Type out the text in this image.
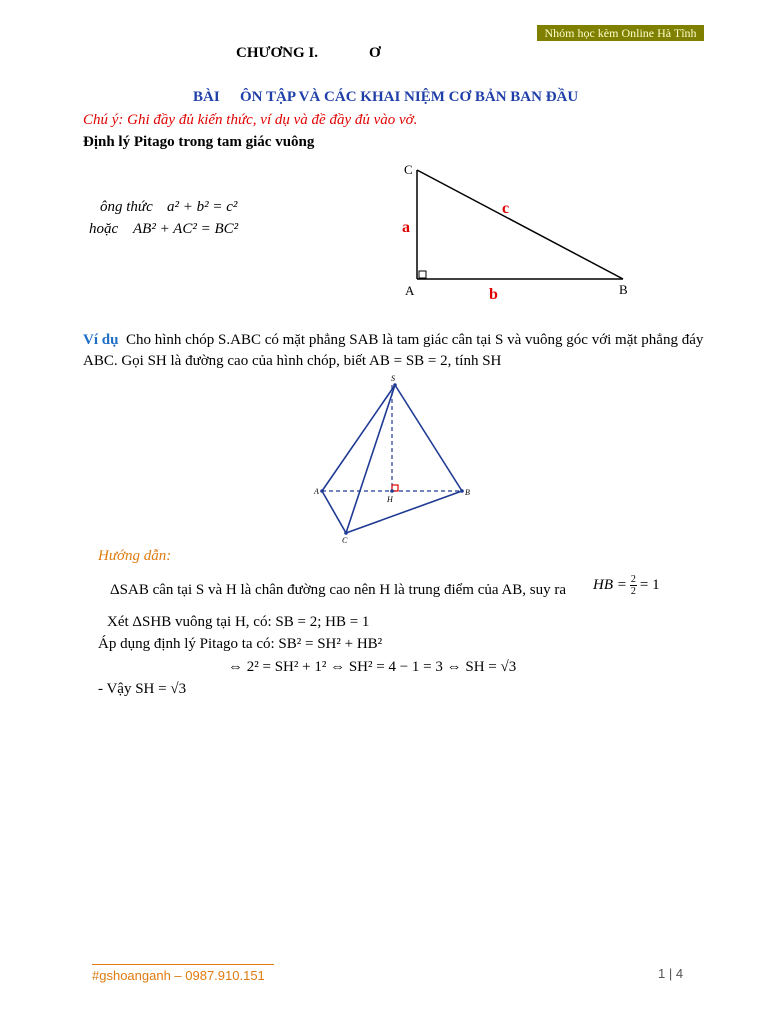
Nhóm học kèm Online Hà Tĩnh
CHƯƠNG I.	Ơ
BÀI ÔN TẬP VÀ CÁC KHAI NIỆM CƠ BẢN BAN ĐẦU
Chú ý: Ghi đầy đủ kiến thức, ví dụ và đề đầy đủ vào vở.
Định lý Pitago trong tam giác vuông
ông thức a² + b² = c²
hoặc AB² + AC² = BC²
C
A	B
a
b
c
Ví dụ Cho hình chóp S.ABC có mặt phẳng SAB là tam giác cân tại S và vuông góc với mặt phẳng đáy ABC. Gọi SH là đường cao của hình chóp, biết AB = SB = 2, tính SH
S
A	B
C
H
Hướng dẫn:
ΔSAB cân tại S và H là chân đường cao nên H là trung điểm của AB, suy ra HB = $\frac{2}{2} = 1$
Xét ΔSHB vuông tại H, có: SB = 2; HB = 1
Áp dụng định lý Pitago ta có: SB² = SH² + HB²
⇔ 2² = SH² + 1² ⇔ SH² = 4 − 1 = 3 ⇔ SH = √3
- Vậy SH = √3
#gshoanganh – 0987.910.151	1 | 4
